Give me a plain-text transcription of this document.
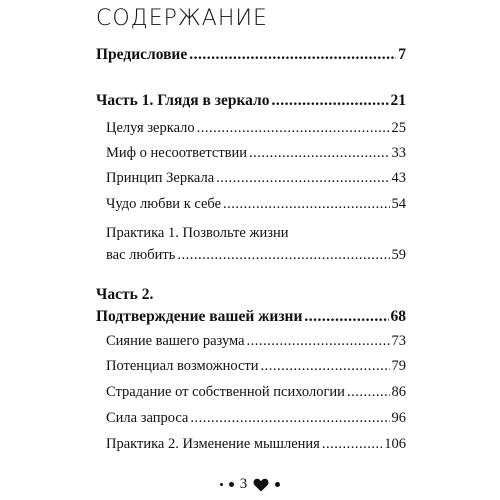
СОДЕРЖАНИЕ
Предисловие .....	7
Часть 1. Глядя в зеркало .....	21
Целуя зеркало .....	25
Миф о несоответствии .....	33
Принцип Зеркала .....	43
Чудо любви к себе .....	54
Практика 1. Позвольте жизни
вас любить .....	59
Часть 2.
Подтверждение вашей жизни .....	68
Сияние вашего разума .....	73
Потенциал возможности .....	79
Страдание от собственной психологии .....	86
Сила запроса .....	96
Практика 2. Изменение мышления .....	106
3
